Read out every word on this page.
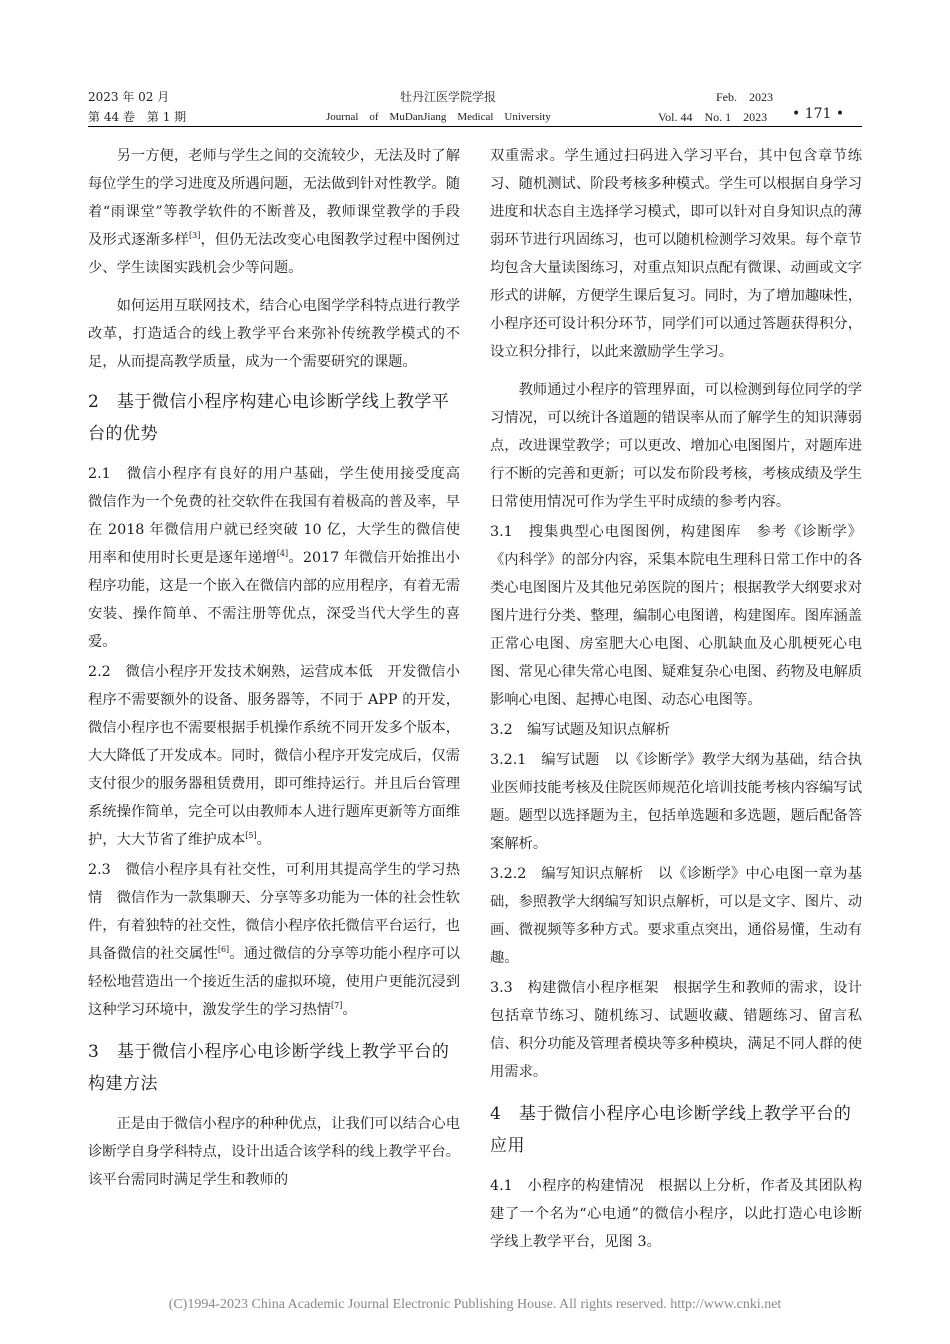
2023 年 02 月
第 44 卷　第 1 期
牡丹江医学院学报
Journal　of　MuDanJiang　Medical　University
Feb.　2023
Vol. 44　No. 1　2023 • 171 •

另一方便，老师与学生之间的交流较少，无法及时了解每位学生的学习进度及所遇问题，无法做到针对性教学。随着“雨课堂”等教学软件的不断普及，教师课堂教学的手段及形式逐渐多样[3]，但仍无法改变心电图教学过程中图例过少、学生读图实践机会少等问题。

如何运用互联网技术，结合心电图学学科特点进行教学改革，打造适合的线上教学平台来弥补传统教学模式的不足，从而提高教学质量，成为一个需要研究的课题。

2　基于微信小程序构建心电诊断学线上教学平台的优势

2.1　微信小程序有良好的用户基础，学生使用接受度高　微信作为一个免费的社交软件在我国有着极高的普及率，早在 2018 年微信用户就已经突破 10 亿，大学生的微信使用率和使用时长更是逐年递增[4]。2017 年微信开始推出小程序功能，这是一个嵌入在微信内部的应用程序，有着无需安装、操作简单、不需注册等优点，深受当代大学生的喜爱。

2.2　微信小程序开发技术娴熟，运营成本低　开发微信小程序不需要额外的设备、服务器等，不同于 APP 的开发，微信小程序也不需要根据手机操作系统不同开发多个版本，大大降低了开发成本。同时，微信小程序开发完成后，仅需支付很少的服务器租赁费用，即可维持运行。并且后台管理系统操作简单，完全可以由教师本人进行题库更新等方面维护，大大节省了维护成本[5]。

2.3　微信小程序具有社交性，可利用其提高学生的学习热情　微信作为一款集聊天、分享等多功能为一体的社会性软件，有着独特的社交性，微信小程序依托微信平台运行，也具备微信的社交属性[6]。通过微信的分享等功能小程序可以轻松地营造出一个接近生活的虚拟环境，使用户更能沉浸到这种学习环境中，激发学生的学习热情[7]。

3　基于微信小程序心电诊断学线上教学平台的构建方法

正是由于微信小程序的种种优点，让我们可以结合心电诊断学自身学科特点，设计出适合该学科的线上教学平台。该平台需同时满足学生和教师的

双重需求。学生通过扫码进入学习平台，其中包含章节练习、随机测试、阶段考核多种模式。学生可以根据自身学习进度和状态自主选择学习模式，即可以针对自身知识点的薄弱环节进行巩固练习，也可以随机检测学习效果。每个章节均包含大量读图练习，对重点知识点配有微课、动画或文字形式的讲解，方便学生课后复习。同时，为了增加趣味性，小程序还可设计积分环节，同学们可以通过答题获得积分，设立积分排行，以此来激励学生学习。

教师通过小程序的管理界面，可以检测到每位同学的学习情况，可以统计各道题的错误率从而了解学生的知识薄弱点，改进课堂教学；可以更改、增加心电图图片，对题库进行不断的完善和更新；可以发布阶段考核，考核成绩及学生日常使用情况可作为学生平时成绩的参考内容。

3.1　搜集典型心电图图例，构建图库　参考《诊断学》《内科学》的部分内容，采集本院电生理科日常工作中的各类心电图图片及其他兄弟医院的图片；根据教学大纲要求对图片进行分类、整理，编制心电图谱，构建图库。图库涵盖正常心电图、房室肥大心电图、心肌缺血及心肌梗死心电图、常见心律失常心电图、疑难复杂心电图、药物及电解质影响心电图、起搏心电图、动态心电图等。

3.2　编写试题及知识点解析

3.2.1　编写试题　以《诊断学》教学大纲为基础，结合执业医师技能考核及住院医师规范化培训技能考核内容编写试题。题型以选择题为主，包括单选题和多选题，题后配备答案解析。

3.2.2　编写知识点解析　以《诊断学》中心电图一章为基础，参照教学大纲编写知识点解析，可以是文字、图片、动画、微视频等多种方式。要求重点突出，通俗易懂，生动有趣。

3.3　构建微信小程序框架　根据学生和教师的需求，设计包括章节练习、随机练习、试题收藏、错题练习、留言私信、积分功能及管理者模块等多种模块，满足不同人群的使用需求。

4　基于微信小程序心电诊断学线上教学平台的应用

4.1　小程序的构建情况　根据以上分析，作者及其团队构建了一个名为“心电通”的微信小程序，以此打造心电诊断学线上教学平台，见图 3。

(C)1994-2023 China Academic Journal Electronic Publishing House. All rights reserved. http://www.cnki.net
